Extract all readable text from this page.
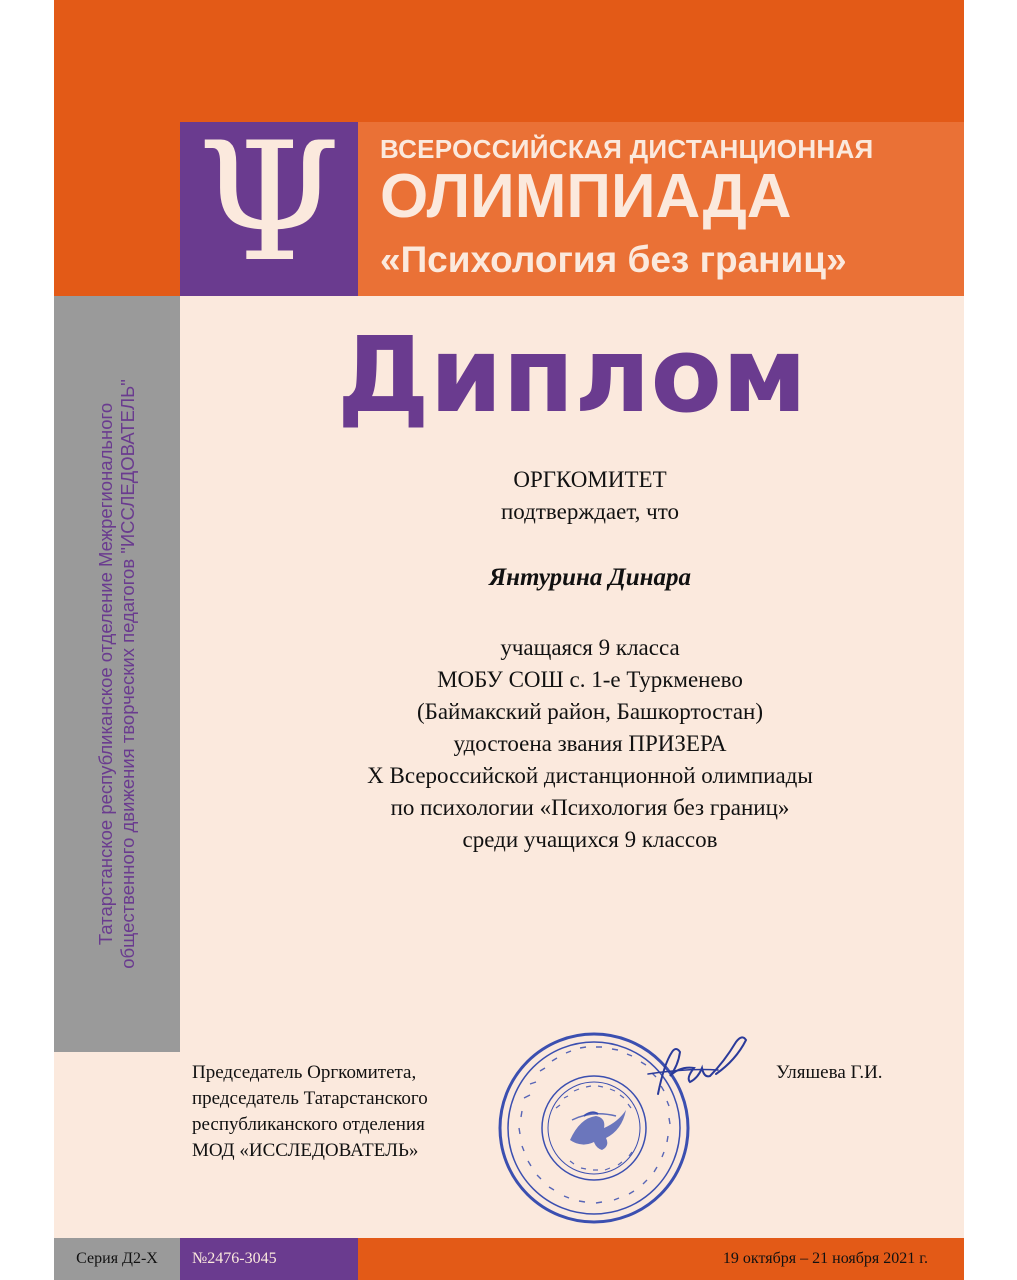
Ψ ВСЕРОССИЙСКАЯ ДИСТАНЦИОННАЯ
ОЛИМПИАДА
«Психология без границ»
Татарстанское республиканское отделение Межрегионального общественного движения творческих педагогов "ИССЛЕДОВАТЕЛЬ"
Диплом
ОРГКОМИТЕТ
подтверждает, что
Янтурина Динара
учащаяся 9 класса
МОБУ СОШ с. 1-е Туркменево
(Баймакский район, Башкортостан)
удостоена звания ПРИЗЕРА
X Всероссийской дистанционной олимпиады
по психологии «Психология без границ»
среди учащихся 9 классов
Председатель Оргкомитета,
председатель Татарстанского
республиканского отделения
МОД «ИССЛЕДОВАТЕЛЬ»
Уляшева Г.И.
Серия Д2-X	№2476-3045	19 октября – 21 ноября 2021 г.
